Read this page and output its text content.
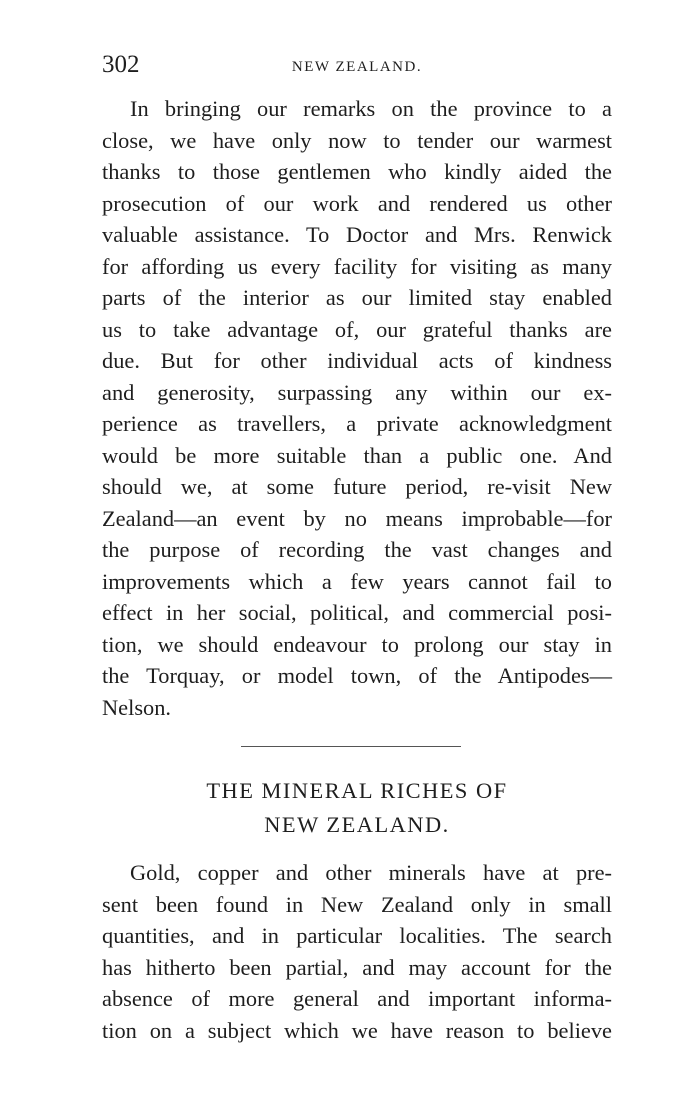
302	NEW ZEALAND.
In bringing our remarks on the province to a
close, we have only now to tender our warmest
thanks to those gentlemen who kindly aided the
prosecution of our work and rendered us other
valuable assistance. To Doctor and Mrs. Renwick
for affording us every facility for visiting as many
parts of the interior as our limited stay enabled
us to take advantage of, our grateful thanks are
due. But for other individual acts of kindness
and generosity, surpassing any within our ex-
perience as travellers, a private acknowledgment
would be more suitable than a public one. And
should we, at some future period, re-visit New
Zealand—an event by no means improbable—for
the purpose of recording the vast changes and
improvements which a few years cannot fail to
effect in her social, political, and commercial posi-
tion, we should endeavour to prolong our stay in
the Torquay, or model town, of the Antipodes—
Nelson.
THE MINERAL RICHES OF
NEW ZEALAND.
Gold, copper and other minerals have at pre-
sent been found in New Zealand only in small
quantities, and in particular localities. The search
has hitherto been partial, and may account for the
absence of more general and important informa-
tion on a subject which we have reason to believe
